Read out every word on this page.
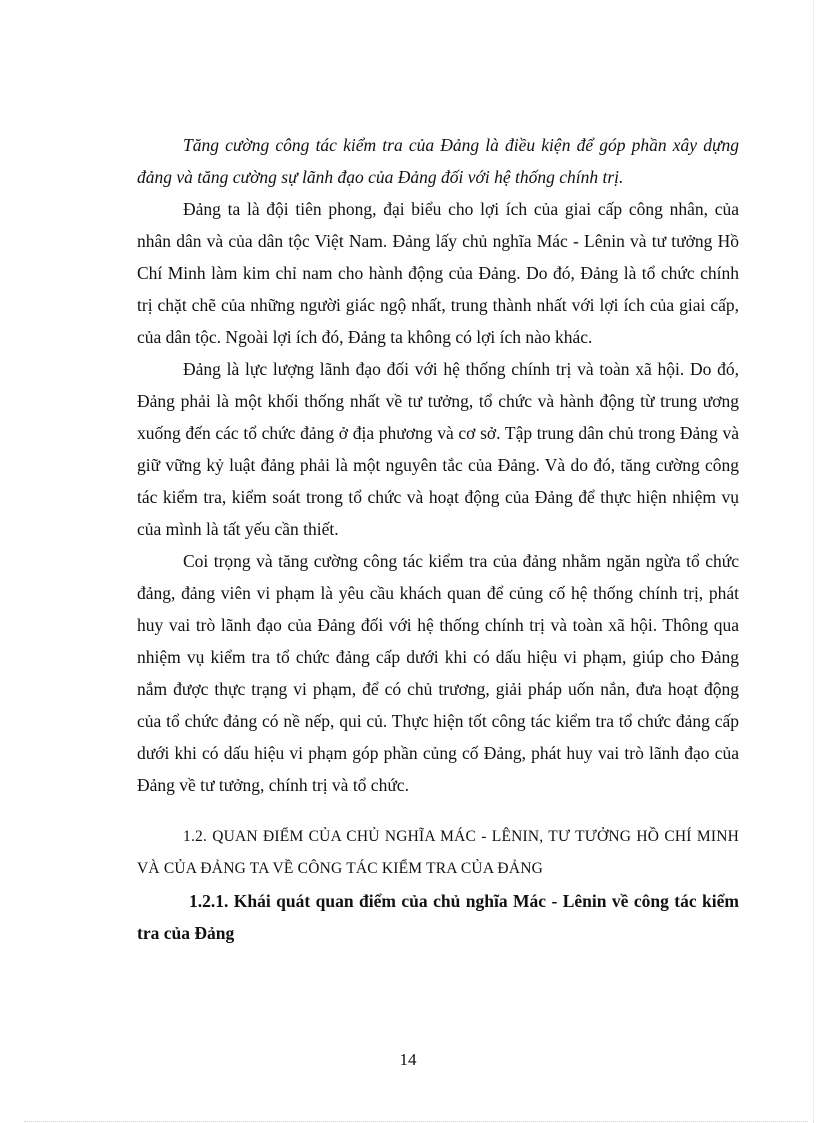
Tăng cường công tác kiểm tra của Đảng là điều kiện để góp phần xây dựng đảng và tăng cường sự lãnh đạo của Đảng đối với hệ thống chính trị.

Đảng ta là đội tiên phong, đại biểu cho lợi ích của giai cấp công nhân, của nhân dân và của dân tộc Việt Nam. Đảng lấy chủ nghĩa Mác - Lênin và tư tưởng Hồ Chí Minh làm kim chỉ nam cho hành động của Đảng. Do đó, Đảng là tổ chức chính trị chặt chẽ của những người giác ngộ nhất, trung thành nhất với lợi ích của giai cấp, của dân tộc. Ngoài lợi ích đó, Đảng ta không có lợi ích nào khác.

Đảng là lực lượng lãnh đạo đối với hệ thống chính trị và toàn xã hội. Do đó, Đảng phải là một khối thống nhất về tư tưởng, tổ chức và hành động từ trung ương xuống đến các tổ chức đảng ở địa phương và cơ sở. Tập trung dân chủ trong Đảng và giữ vững kỷ luật đảng phải là một nguyên tắc của Đảng. Và do đó, tăng cường công tác kiểm tra, kiểm soát trong tổ chức và hoạt động của Đảng để thực hiện nhiệm vụ của mình là tất yếu cần thiết.

Coi trọng và tăng cường công tác kiểm tra của đảng nhằm ngăn ngừa tổ chức đảng, đảng viên vi phạm là yêu cầu khách quan để củng cố hệ thống chính trị, phát huy vai trò lãnh đạo của Đảng đối với hệ thống chính trị và toàn xã hội. Thông qua nhiệm vụ kiểm tra tổ chức đảng cấp dưới khi có dấu hiệu vi phạm, giúp cho Đảng nắm được thực trạng vi phạm, để có chủ trương, giải pháp uốn nắn, đưa hoạt động của tổ chức đảng có nề nếp, qui củ. Thực hiện tốt công tác kiểm tra tổ chức đảng cấp dưới khi có dấu hiệu vi phạm góp phần củng cố Đảng, phát huy vai trò lãnh đạo của Đảng về tư tưởng, chính trị và tổ chức.

1.2. QUAN ĐIỂM CỦA CHỦ NGHĨA MÁC - LÊNIN, TƯ TƯỞNG HỒ CHÍ MINH VÀ CỦA ĐẢNG TA VỀ CÔNG TÁC KIỂM TRA CỦA ĐẢNG

1.2.1. Khái quát quan điểm của chủ nghĩa Mác - Lênin về công tác kiểm tra của Đảng

14
